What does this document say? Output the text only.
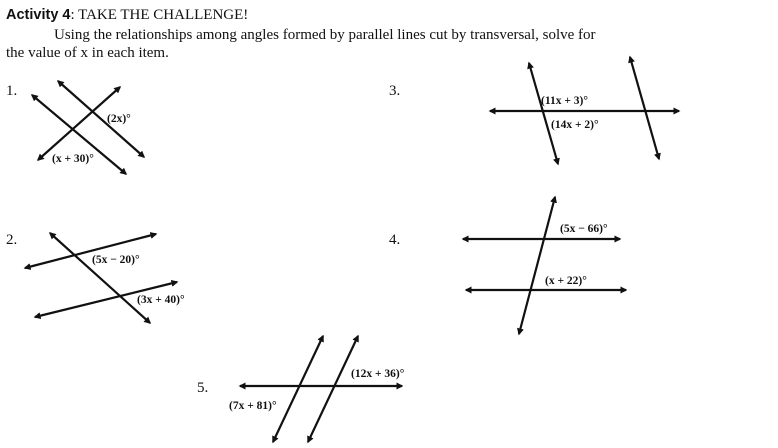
Activity 4: TAKE THE CHALLENGE!
Using the relationships among angles formed by parallel lines cut by transversal, solve for
the value of x in each item.
1.
2.
3.
4.
5.
(2x)°
(x + 30)°
(5x − 20)°
(3x + 40)°
(11x + 3)°
(14x + 2)°
(5x − 66)°
(x + 22)°
(12x + 36)°
(7x + 81)°
